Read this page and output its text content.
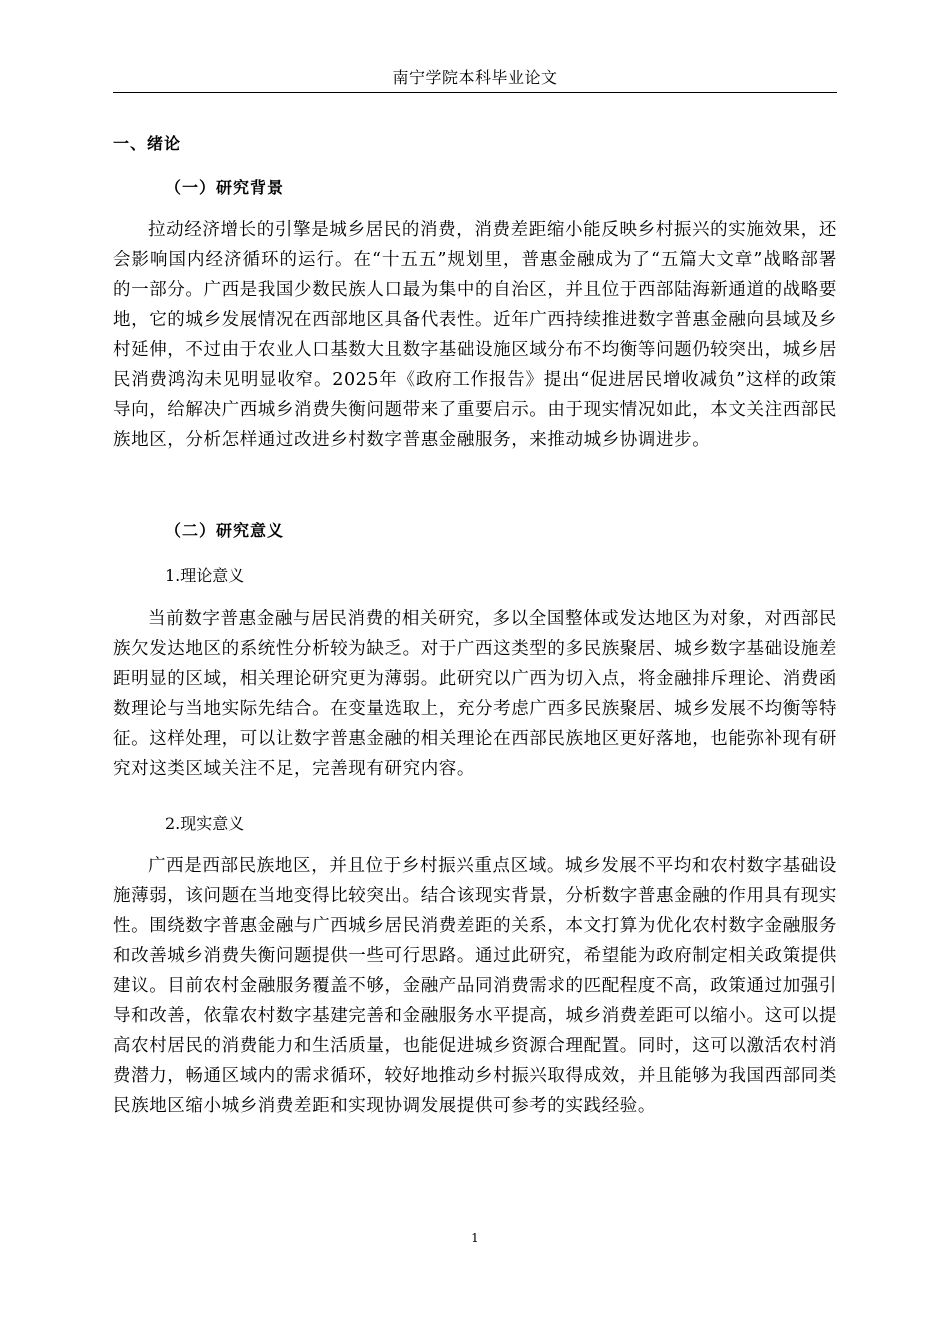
南宁学院本科毕业论文
一、绪论
（一）研究背景

拉动经济增长的引擎是城乡居民的消费，消费差距缩小能反映乡村振兴的实施效果，还会影响国内经济循环的运行。在“十五五”规划里，普惠金融成为了“五篇大文章”战略部署的一部分。广西是我国少数民族人口最为集中的自治区，并且位于西部陆海新通道的战略要地，它的城乡发展情况在西部地区具备代表性。近年广西持续推进数字普惠金融向县域及乡村延伸，不过由于农业人口基数大且数字基础设施区域分布不均衡等问题仍较突出，城乡居民消费鸿沟未见明显收窄。2025年《政府工作报告》提出“促进居民增收减负”这样的政策导向，给解决广西城乡消费失衡问题带来了重要启示。由于现实情况如此，本文关注西部民族地区，分析怎样通过改进乡村数字普惠金融服务，来推动城乡协调进步。

（二）研究意义
1.理论意义

当前数字普惠金融与居民消费的相关研究，多以全国整体或发达地区为对象，对西部民族欠发达地区的系统性分析较为缺乏。对于广西这类型的多民族聚居、城乡数字基础设施差距明显的区域，相关理论研究更为薄弱。此研究以广西为切入点，将金融排斥理论、消费函数理论与当地实际先结合。在变量选取上，充分考虑广西多民族聚居、城乡发展不均衡等特征。这样处理，可以让数字普惠金融的相关理论在西部民族地区更好落地，也能弥补现有研究对这类区域关注不足，完善现有研究内容。

2.现实意义

广西是西部民族地区，并且位于乡村振兴重点区域。城乡发展不平均和农村数字基础设施薄弱，该问题在当地变得比较突出。结合该现实背景，分析数字普惠金融的作用具有现实性。围绕数字普惠金融与广西城乡居民消费差距的关系，本文打算为优化农村数字金融服务和改善城乡消费失衡问题提供一些可行思路。通过此研究，希望能为政府制定相关政策提供建议。目前农村金融服务覆盖不够，金融产品同消费需求的匹配程度不高，政策通过加强引导和改善，依靠农村数字基建完善和金融服务水平提高，城乡消费差距可以缩小。这可以提高农村居民的消费能力和生活质量，也能促进城乡资源合理配置。同时，这可以激活农村消费潜力，畅通区域内的需求循环，较好地推动乡村振兴取得成效，并且能够为我国西部同类民族地区缩小城乡消费差距和实现协调发展提供可参考的实践经验。

1
